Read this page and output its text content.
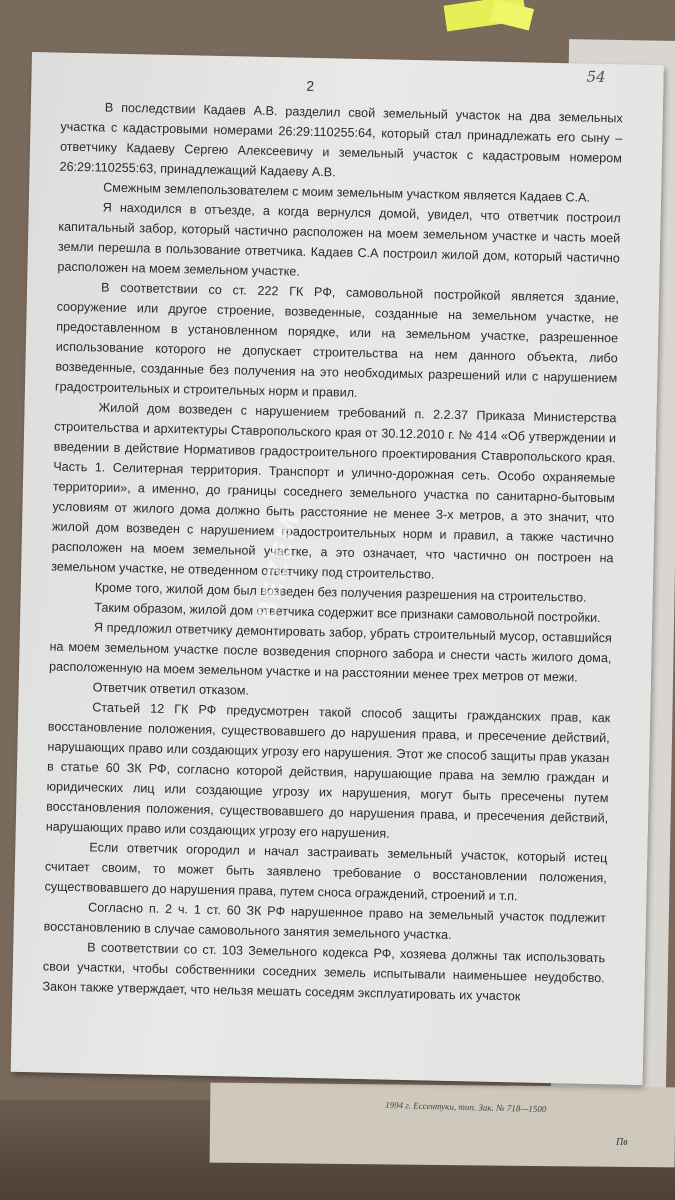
1994 г. Ессентуки, тип. Зак. № 718—1500
Пв
54
2

В последствии Кадаев А.В. разделил свой земельный участок на два земельных участка с кадастровыми номерами 26:29:110255:64, который стал принадлежать его сыну – ответчику Кадаеву Сергею Алексеевичу и земельный участок с кадастровым номером 26:29:110255:63, принадлежащий Кадаеву А.В.

Смежным землепользователем с моим земельным участком является Кадаев С.А.

Я находился в отъезде, а когда вернулся домой, увидел, что ответчик построил капитальный забор, который частично расположен на моем земельном участке и часть моей земли перешла в пользование ответчика. Кадаев С.А построил жилой дом, который частично расположен на моем земельном участке.

В соответствии со ст. 222 ГК РФ, самовольной постройкой является здание, сооружение или другое строение, возведенные, созданные на земельном участке, не предоставленном в установленном порядке, или на земельном участке, разрешенное использование которого не допускает строительства на нем данного объекта, либо возведенные, созданные без получения на это необходимых разрешений или с нарушением градостроительных и строительных норм и правил.

Жилой дом возведен с нарушением требований п. 2.2.37 Приказа Министерства строительства и архитектуры Ставропольского края от 30.12.2010 г. № 414 «Об утверждении и введении в действие Нормативов градостроительного проектирования Ставропольского края. Часть 1. Селитерная территория. Транспорт и улично-дорожная сеть. Особо охраняемые территории», а именно, до границы соседнего земельного участка по санитарно-бытовым условиям от жилого дома должно быть расстояние не менее 3-х метров, а это значит, что жилой дом возведен с нарушением градостроительных норм и правил, а также частично расположен на моем земельной участке, а это означает, что частично он построен на земельном участке, не отведенном ответчику под строительство.

Кроме того, жилой дом был возведен без получения разрешения на строительство.

Таким образом, жилой дом ответчика содержит все признаки самовольной постройки.

Я предложил ответчику демонтировать забор, убрать строительный мусор, оставшийся на моем земельном участке после возведения спорного забора и снести часть жилого дома, расположенную на моем земельном участке и на расстоянии менее трех метров от межи.

Ответчик ответил отказом.

Статьей 12 ГК РФ предусмотрен такой способ защиты гражданских прав, как восстановление положения, существовавшего до нарушения права, и пресечение действий, нарушающих право или создающих угрозу его нарушения. Этот же способ защиты прав указан в статье 60 ЗК РФ, согласно которой действия, нарушающие права на землю граждан и юридических лиц или создающие угрозу их нарушения, могут быть пресечены путем восстановления положения, существовавшего до нарушения права, и пресечения действий, нарушающих право или создающих угрозу его нарушения.

Если ответчик огородил и начал застраивать земельный участок, который истец считает своим, то может быть заявлено требование о восстановлении положения, существовавшего до нарушения права, путем сноса ограждений, строений и т.п.

Согласно п. 2 ч. 1 ст. 60 ЗК РФ нарушенное право на земельный участок подлежит восстановлению в случае самовольного занятия земельного участка.

В соответствии со ст. 103 Земельного кодекса РФ, хозяева должны так использовать свои участки, чтобы собственники соседних земель испытывали наименьшее неудобство. Закон также утверждает, что нельзя мешать соседям эксплуатировать их участок

BEZEM
